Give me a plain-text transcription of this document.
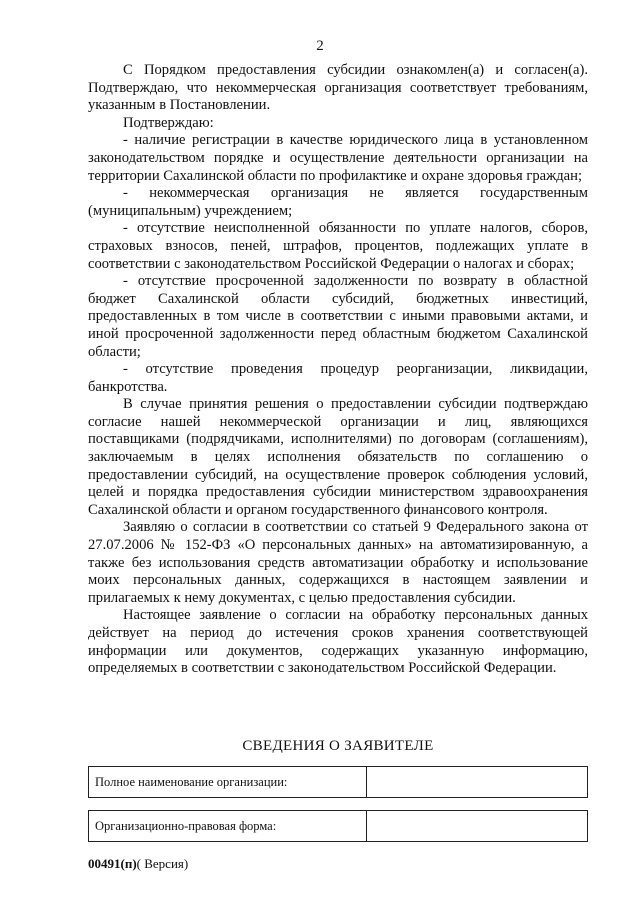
2

С Порядком предоставления субсидии ознакомлен(а) и согласен(а). Подтверждаю, что некоммерческая организация соответствует требованиям, указанным в Постановлении.

Подтверждаю:

- наличие регистрации в качестве юридического лица в установленном законодательством порядке и осуществление деятельности организации на территории Сахалинской области по профилактике и охране здоровья граждан;

- некоммерческая организация не является государственным (муниципальным) учреждением;

- отсутствие неисполненной обязанности по уплате налогов, сборов, страховых взносов, пеней, штрафов, процентов, подлежащих уплате в соответствии с законодательством Российской Федерации о налогах и сборах;

- отсутствие просроченной задолженности по возврату в областной бюджет Сахалинской области субсидий, бюджетных инвестиций, предоставленных в том числе в соответствии с иными правовыми актами, и иной просроченной задолженности перед областным бюджетом Сахалинской области;

- отсутствие проведения процедур реорганизации, ликвидации, банкротства.

В случае принятия решения о предоставлении субсидии подтверждаю согласие нашей некоммерческой организации и лиц, являющихся поставщиками (подрядчиками, исполнителями) по договорам (соглашениям), заключаемым в целях исполнения обязательств по соглашению о предоставлении субсидий, на осуществление проверок соблюдения условий, целей и порядка предоставления субсидии министерством здравоохранения Сахалинской области и органом государственного финансового контроля.

Заявляю о согласии в соответствии со статьей 9 Федерального закона от 27.07.2006 № 152-ФЗ «О персональных данных» на автоматизированную, а также без использования средств автоматизации обработку и использование моих персональных данных, содержащихся в настоящем заявлении и прилагаемых к нему документах, с целью предоставления субсидии.

Настоящее заявление о согласии на обработку персональных данных действует на период до истечения сроков хранения соответствующей информации или документов, содержащих указанную информацию, определяемых в соответствии с законодательством Российской Федерации.

СВЕДЕНИЯ О ЗАЯВИТЕЛЕ
Полное наименование организации:	
Организационно-правовая форма:	
00491(п)( Версия)
